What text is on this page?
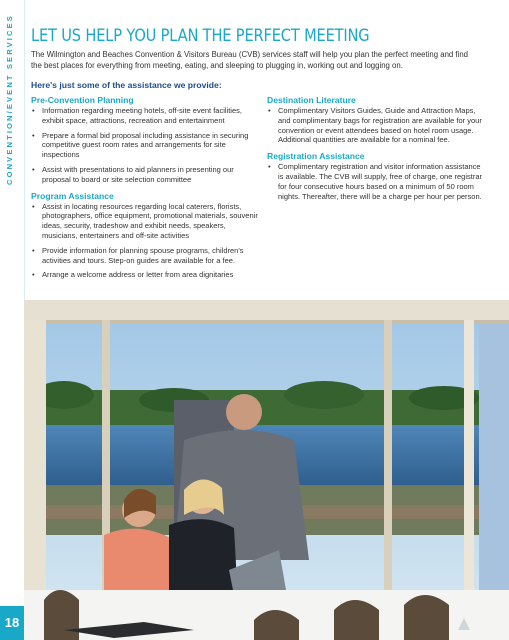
CONVENTION/EVENT SERVICES
18
LET US HELP YOU PLAN THE PERFECT MEETING

The Wilmington and Beaches Convention & Visitors Bureau (CVB) services staff will help you plan the perfect meeting and find the best places for everything from meeting, eating, and sleeping to plugging in, working out and logging on.

Here's just some of the assistance we provide:

Pre-Convention Planning
• Information regarding meeting hotels, off-site event facilities, exhibit space, attractions, recreation and entertainment
• Prepare a formal bid proposal including assistance in securing competitive guest room rates and arrangements for site inspections
• Assist with presentations to aid planners in presenting our proposal to board or site selection committee
Program Assistance
• Assist in locating resources regarding local caterers, florists, photographers, office equipment, promotional materials, souvenir ideas, security, tradeshow and exhibit needs, speakers, musicians, entertainers and off-site activities
• Provide information for planning spouse programs, children's activities and tours. Step-on guides are available for a fee.
• Arrange a welcome address or letter from area dignitaries
Destination Literature
• Complimentary Visitors Guides, Guide and Attraction Maps, and complimentary bags for registration are available for your convention or event attendees based on hotel room usage. Additional quantities are available for a nominal fee.
Registration Assistance
• Complimentary registration and visitor information assistance is available. The CVB will supply, free of charge, one registrar for four consecutive hours based on a minimum of 50 room nights. Thereafter, there will be a charge per hour per person.
